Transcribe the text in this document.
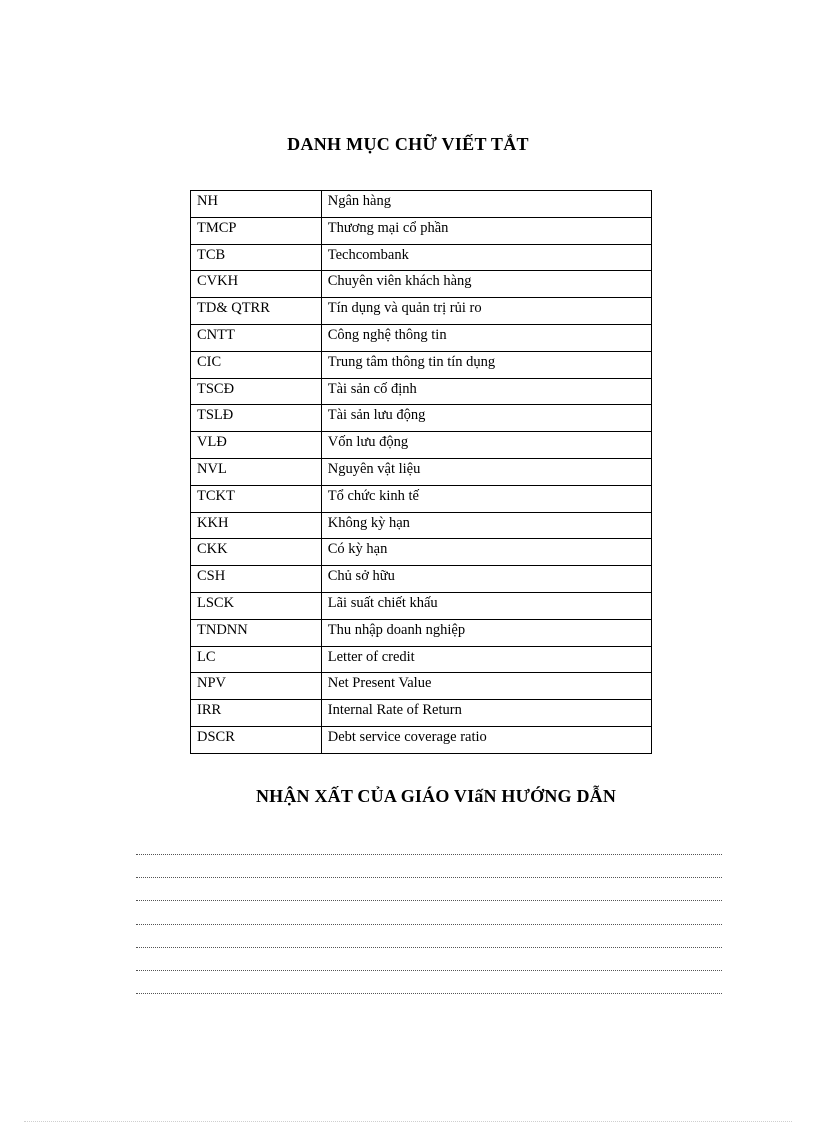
DANH MỤC CHỮ VIẾT TẮT
NH	Ngân hàng
TMCP	Thương mại cổ phần
TCB	Techcombank
CVKH	Chuyên viên khách hàng
TD& QTRR	Tín dụng và quản trị rủi ro
CNTT	Công nghệ thông tin
CIC	Trung tâm thông tin tín dụng
TSCĐ	Tài sản cố định
TSLĐ	Tài sản lưu động
VLĐ	Vốn lưu động
NVL	Nguyên vật liệu
TCKT	Tổ chức kinh tế
KKH	Không kỳ hạn
CKK	Có kỳ hạn
CSH	Chủ sở hữu
LSCK	Lãi suất chiết khấu
TNDNN	Thu nhập doanh nghiệp
LC	Letter of credit
NPV	Net Present Value
IRR	Internal Rate of Return
DSCR	Debt service coverage ratio
NHẬN XẤT CỦA GIÁO VIấN HƯỚNG DẪN
